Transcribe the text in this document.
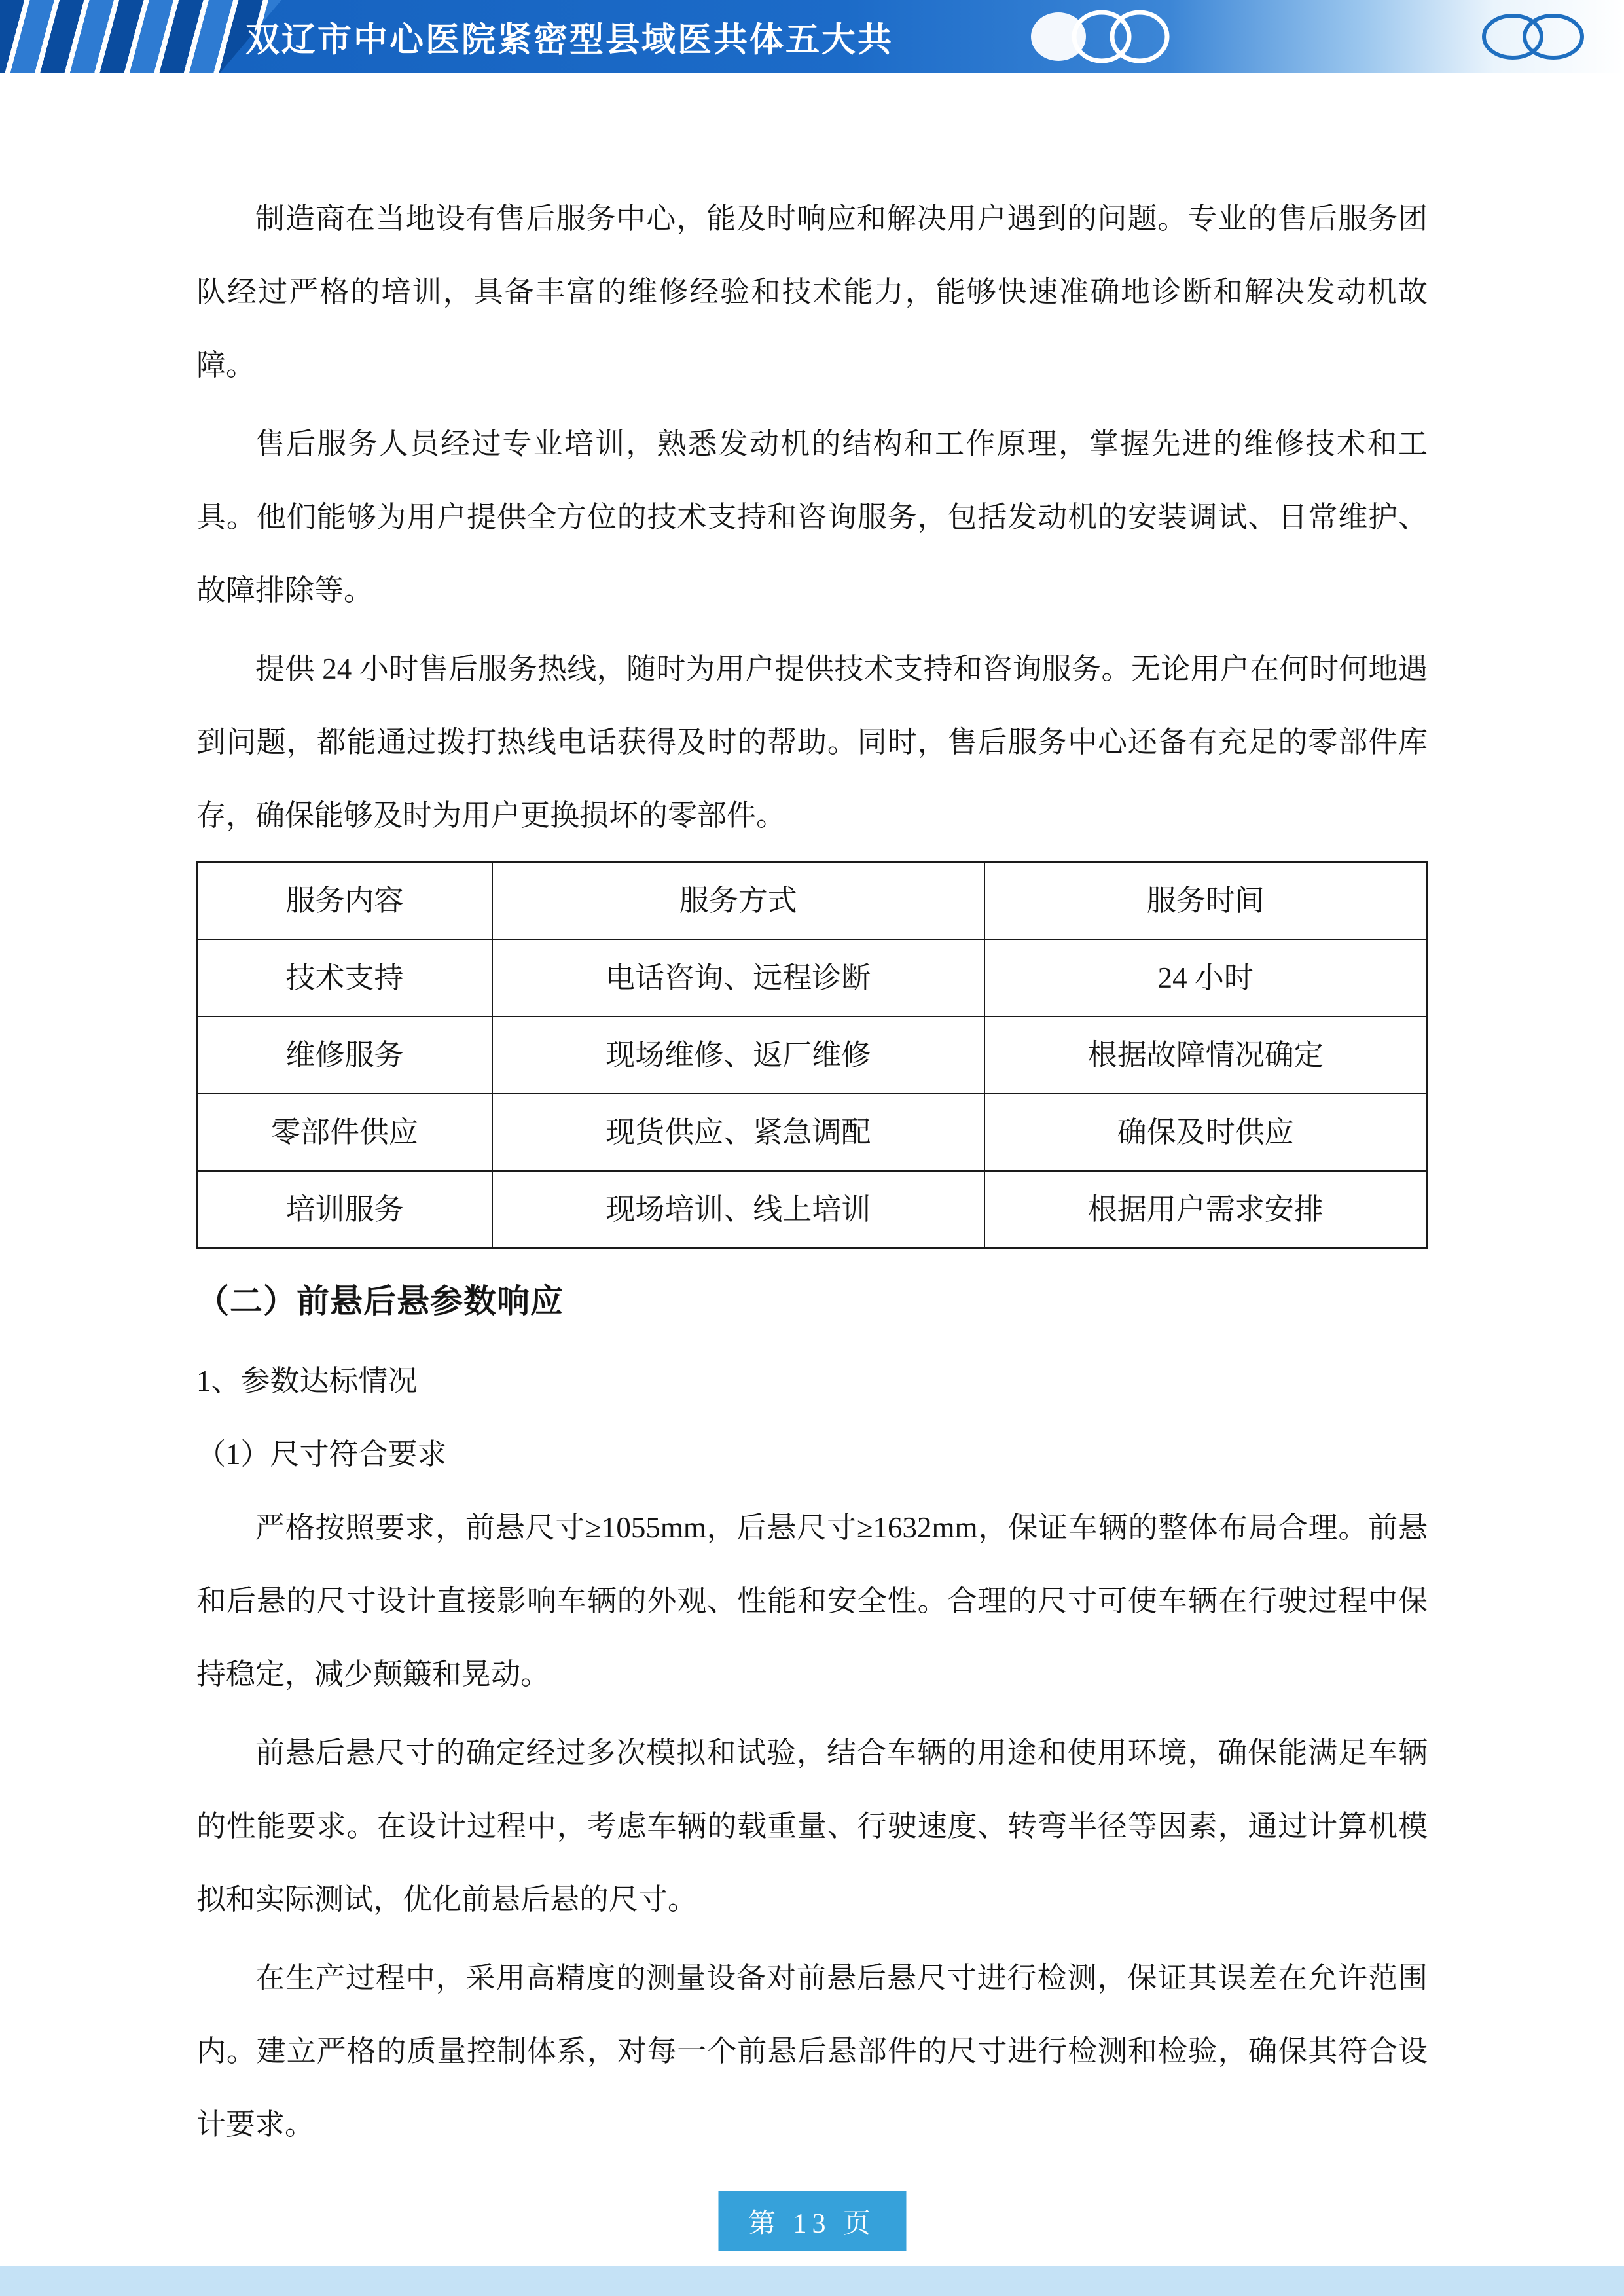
双辽市中心医院紧密型县域医共体五大共

制造商在当地设有售后服务中心，能及时响应和解决用户遇到的问题。专业的售后服务团队经过严格的培训，具备丰富的维修经验和技术能力，能够快速准确地诊断和解决发动机故障。

售后服务人员经过专业培训，熟悉发动机的结构和工作原理，掌握先进的维修技术和工具。他们能够为用户提供全方位的技术支持和咨询服务，包括发动机的安装调试、日常维护、故障排除等。

提供 24 小时售后服务热线，随时为用户提供技术支持和咨询服务。无论用户在何时何地遇到问题，都能通过拨打热线电话获得及时的帮助。同时，售后服务中心还备有充足的零部件库存，确保能够及时为用户更换损坏的零部件。

服务内容	服务方式	服务时间
技术支持	电话咨询、远程诊断	24 小时
维修服务	现场维修、返厂维修	根据故障情况确定
零部件供应	现货供应、紧急调配	确保及时供应
培训服务	现场培训、线上培训	根据用户需求安排
（二）前悬后悬参数响应
1、参数达标情况
（1）尺寸符合要求

严格按照要求，前悬尺寸≥1055mm，后悬尺寸≥1632mm，保证车辆的整体布局合理。前悬和后悬的尺寸设计直接影响车辆的外观、性能和安全性。合理的尺寸可使车辆在行驶过程中保持稳定，减少颠簸和晃动。

前悬后悬尺寸的确定经过多次模拟和试验，结合车辆的用途和使用环境，确保能满足车辆的性能要求。在设计过程中，考虑车辆的载重量、行驶速度、转弯半径等因素，通过计算机模拟和实际测试，优化前悬后悬的尺寸。

在生产过程中，采用高精度的测量设备对前悬后悬尺寸进行检测，保证其误差在允许范围内。建立严格的质量控制体系，对每一个前悬后悬部件的尺寸进行检测和检验，确保其符合设计要求。

第 13 页
